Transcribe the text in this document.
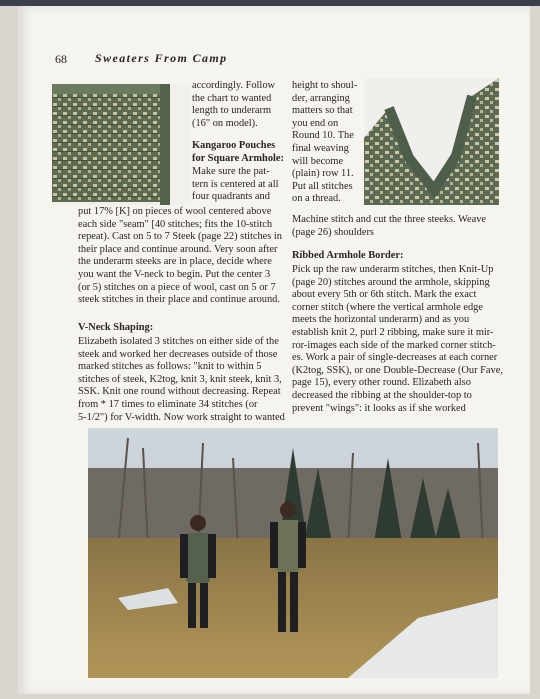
68 Sweaters From Camp
accordingly. Follow
the chart to wanted
length to underarm
(16" on model).
Kangaroo Pouches
for Square Armhole:
Make sure the pat-
tern is centered at all
four quadrants and
put 17% [K] on pieces of wool centered above
each side "seam" [40 stitches; fits the 10-stitch
repeat). Cast on 5 to 7 Steek (page 22) stitches in
their place and continue around. Very soon after
the underarm steeks are in place, decide where
you want the V-neck to begin. Put the center 3
(or 5) stitches on a piece of wool, cast on 5 or 7
steek stitches in their place and continue around.
V-Neck Shaping:
Elizabeth isolated 3 stitches on either side of the
steek and worked her decreases outside of those
marked stitches as follows: "knit to within 5
stitches of steek, K2tog, knit 3, knit steek, knit 3,
SSK. Knit one round without decreasing. Repeat
from * 17 times to eliminate 34 stitches (or
5-1/2") for V-width. Now work straight to wanted
height to shoul-
der, arranging
matters so that
you end on
Round 10. The
final weaving
will become
(plain) row 11.
Put all stitches
on a thread.
Machine stitch and cut the three steeks. Weave
(page 26) shoulders
Ribbed Armhole Border:
Pick up the raw underarm stitches, then Knit-Up
(page 20) stitches around the armhole, skipping
about every 5th or 6th stitch. Mark the exact
corner stitch (where the vertical armhole edge
meets the horizontal underarm) and as you
establish knit 2, purl 2 ribbing, make sure it mir-
ror-images each side of the marked corner stitch-
es. Work a pair of single-decreases at each corner
(K2tog, SSK), or one Double-Decrease (Our Fave,
page 15), every other round. Elizabeth also
decreased the ribbing at the shoulder-top to
prevent "wings": it looks as if she worked
